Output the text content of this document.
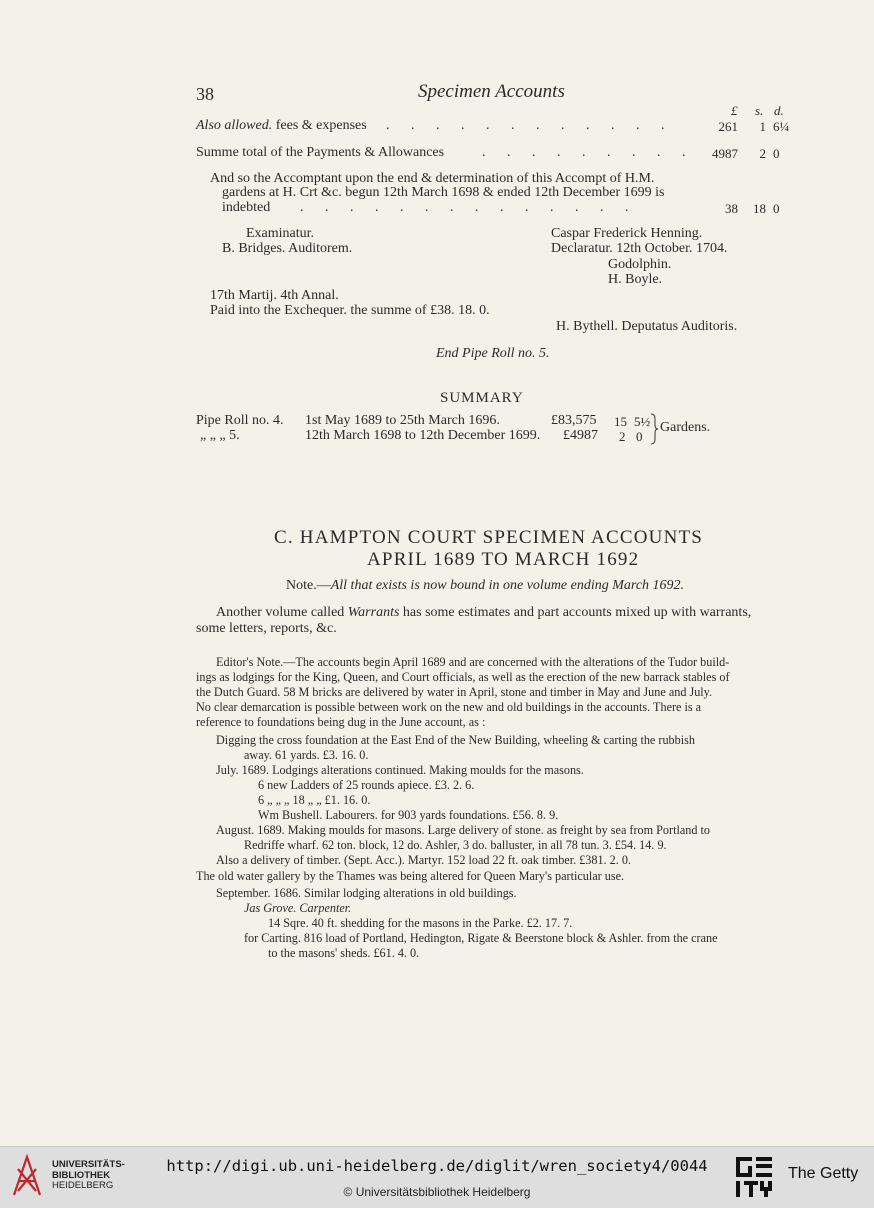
38	Specimen Accounts
£ s. d.
Also allowed. fees & expenses . . . . . . . . . . . .	261	1 6¼
Summe total of the Payments & Allowances	. . . . . . . . .	4987	2 0
And so the Accomptant upon the end & determination of this Accompt of H.M.
gardens at H. Crt &c. begun 12th March 1698 & ended 12th December 1699 is
indebted . . . . . . . . . . . . . .	38	18 0
Examinatur.
B. Bridges. Auditorem.
Caspar Frederick Henning.
Declaratur. 12th October. 1704.
Godolphin.
H. Boyle.
17th Martij. 4th Annal.
Paid into the Exchequer. the summe of £38. 18. 0.
H. Bythell. Deputatus Auditoris.
End Pipe Roll no. 5.
SUMMARY
Pipe Roll no. 4. 1st May 1689 to 25th March 1696.	£83,575 15 5½
„ „ „ 5.	12th March 1698 to 12th December 1699. £4987 2 0
Gardens.
C. HAMPTON COURT SPECIMEN ACCOUNTS
APRIL 1689 TO MARCH 1692
Note.—All that exists is now bound in one volume ending March 1692.
Another volume called Warrants has some estimates and part accounts mixed up with warrants,
some letters, reports, &c.
Editor's Note.—The accounts begin April 1689 and are concerned with the alterations of the Tudor build-
ings as lodgings for the King, Queen, and Court officials, as well as the erection of the new barrack stables of
the Dutch Guard. 58 M bricks are delivered by water in April, stone and timber in May and June and July.
No clear demarcation is possible between work on the new and old buildings in the accounts. There is a
reference to foundations being dug in the June account, as :
Digging the cross foundation at the East End of the New Building, wheeling & carting the rubbish
away. 61 yards. £3. 16. 0.
July. 1689. Lodgings alterations continued. Making moulds for the masons.
6 new Ladders of 25 rounds apiece. £3. 2. 6.
6 „ „ „ 18 „ „ £1. 16. 0.
Wm Bushell. Labourers. for 903 yards foundations. £56. 8. 9.
August. 1689. Making moulds for masons. Large delivery of stone. as freight by sea from Portland to
Redriffe wharf. 62 ton. block, 12 do. Ashler, 3 do. balluster, in all 78 tun. 3. £54. 14. 9.
Also a delivery of timber. (Sept. Acc.). Martyr. 152 load 22 ft. oak timber. £381. 2. 0.
The old water gallery by the Thames was being altered for Queen Mary's particular use.
September. 1686. Similar lodging alterations in old buildings.
Jas Grove. Carpenter.
14 Sqre. 40 ft. shedding for the masons in the Parke. £2. 17. 7.
for Carting. 816 load of Portland, Hedington, Rigate & Beerstone block & Ashler. from the crane
to the masons' sheds. £61. 4. 0.
UNIVERSITÄTS-
BIBLIOTHEK
HEIDELBERG
http://digi.ub.uni-heidelberg.de/diglit/wren_society4/0044
© Universitätsbibliothek Heidelberg
The Getty
